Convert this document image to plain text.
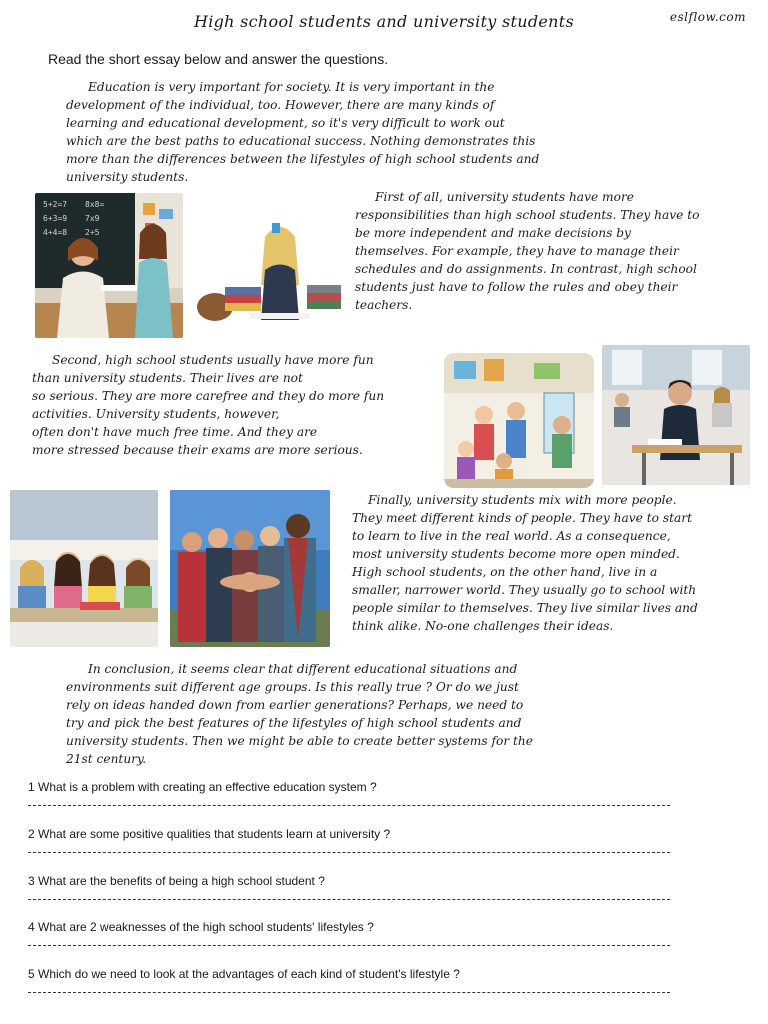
High school students and university students	eslflow.com
Read the short essay below and answer the questions.
Education is very important for society. It is very important in the
development of the individual, too. However, there are many kinds of
learning and educational development, so it's very difficult to work out
which are the best paths to educational success. Nothing demonstrates this
more than the differences between the lifestyles of high school students and
university students.
5+2=7 8x8=
6+3=9 7x9
4+4=8 2+5
First of all, university students have more
responsibilities than high school students. They have to
be more independent and make decisions by
themselves. For example, they have to manage their
schedules and do assignments. In contrast, high school
students just have to follow the rules and obey their
teachers.
Second, high school students usually have more fun
than university students. Their lives are not
so serious. They are more carefree and they do more fun
activities. University students, however,
often don't have much free time. And they are
more stressed because their exams are more serious.
Finally, university students mix with more people.
They meet different kinds of people. They have to start
to learn to live in the real world. As a consequence,
most university students become more open minded.
High school students, on the other hand, live in a
smaller, narrower world. They usually go to school with
people similar to themselves. They live similar lives and
think alike. No-one challenges their ideas.
In conclusion, it seems clear that different educational situations and
environments suit different age groups. Is this really true ? Or do we just
rely on ideas handed down from earlier generations? Perhaps, we need to
try and pick the best features of the lifestyles of high school students and
university students. Then we might be able to create better systems for the
21st century.
1 What is a problem with creating an effective education system ?
2 What are some positive qualities that students learn at university ?
3 What are the benefits of being a high school student ?
4 What are 2 weaknesses of the high school students' lifestyles ?
5 Which do we need to look at the advantages of each kind of student's lifestyle ?
